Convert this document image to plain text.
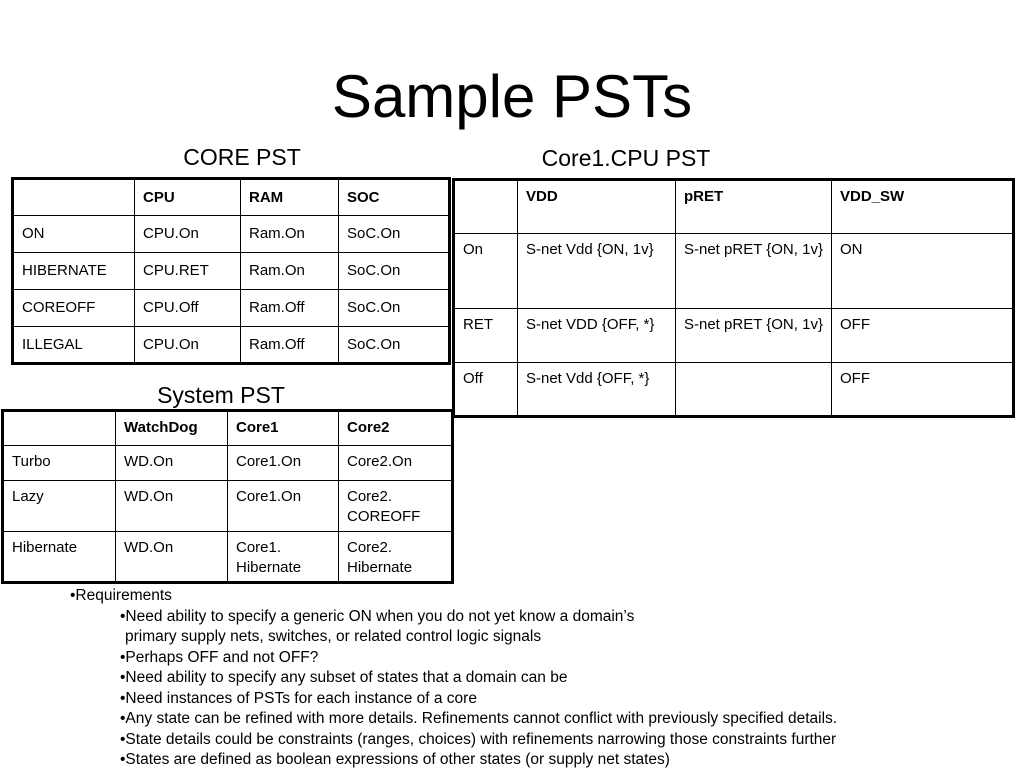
Sample PSTs
CORE PST
	CPU	RAM	SOC
ON	CPU.On	Ram.On	SoC.On
HIBERNATE	CPU.RET	Ram.On	SoC.On
COREOFF	CPU.Off	Ram.Off	SoC.On
ILLEGAL	CPU.On	Ram.Off	SoC.On
Core1.CPU PST
	VDD	pRET	VDD_SW
On	S-net Vdd {ON, 1v}	S-net pRET {ON, 1v}	ON
RET	S-net VDD {OFF, *}	S-net pRET {ON, 1v}	OFF
Off	S-net Vdd {OFF, *}		OFF
System PST
	WatchDog	Core1	Core2
Turbo	WD.On	Core1.On	Core2.On
Lazy	WD.On	Core1.On	Core2. COREOFF
Hibernate	WD.On	Core1. Hibernate	Core2. Hibernate
•Requirements
•Need ability to specify a generic ON when you do not yet know a domain’s
primary supply nets, switches, or related control logic signals
•Perhaps OFF and not OFF?
•Need ability to specify any subset of states that a domain can be
•Need instances of PSTs for each instance of a core
•Any state can be refined with more details. Refinements cannot conflict with previously specified details.
•State details could be constraints (ranges, choices) with refinements narrowing those constraints further
•States are defined as boolean expressions of other states (or supply net states)
